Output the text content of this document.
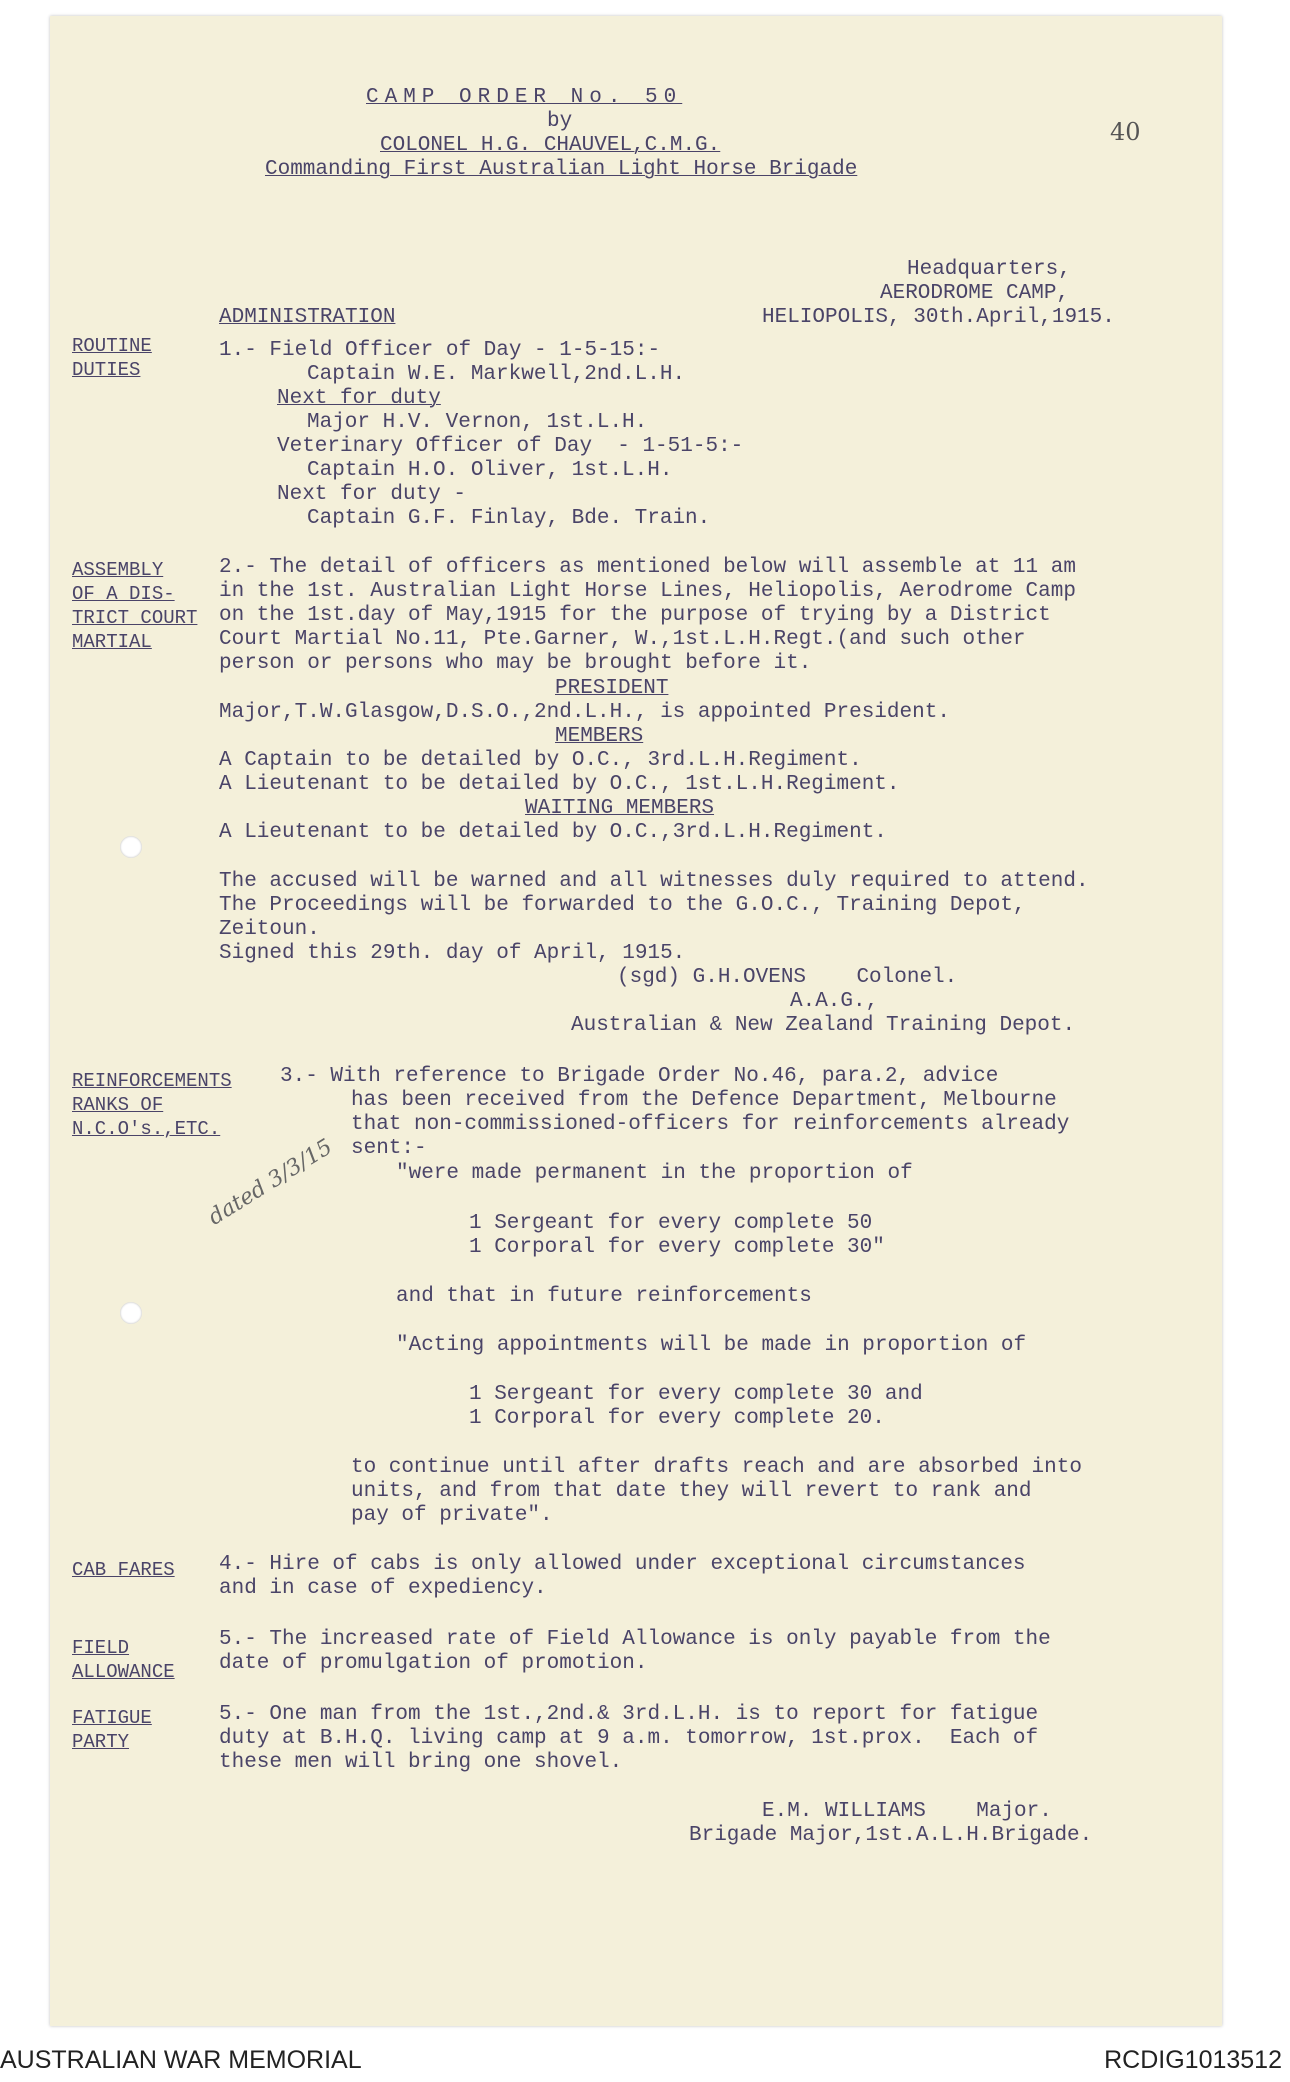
CAMP ORDER No. 50
by
COLONEL H.G. CHAUVEL,C.M.G.
Commanding First Australian Light Horse Brigade
40
Headquarters,
AERODROME CAMP,
HELIOPOLIS, 30th.April,1915.
ADMINISTRATION
ROUTINE
DUTIES
1.- Field Officer of Day - 1-5-15:-
Captain W.E. Markwell,2nd.L.H.
Next for duty
Major H.V. Vernon, 1st.L.H.
Veterinary Officer of Day  - 1-51-5:-
Captain H.O. Oliver, 1st.L.H.
Next for duty -
Captain G.F. Finlay, Bde. Train.
ASSEMBLY
OF A DIS-
TRICT COURT
MARTIAL
2.- The detail of officers as mentioned below will assemble at 11 am
in the 1st. Australian Light Horse Lines, Heliopolis, Aerodrome Camp
on the 1st.day of May,1915 for the purpose of trying by a District
Court Martial No.11, Pte.Garner, W.,1st.L.H.Regt.(and such other
person or persons who may be brought before it.
PRESIDENT
Major,T.W.Glasgow,D.S.O.,2nd.L.H., is appointed President.
MEMBERS
A Captain to be detailed by O.C., 3rd.L.H.Regiment.
A Lieutenant to be detailed by O.C., 1st.L.H.Regiment.
WAITING MEMBERS
A Lieutenant to be detailed by O.C.,3rd.L.H.Regiment.
The accused will be warned and all witnesses duly required to attend.
The Proceedings will be forwarded to the G.O.C., Training Depot,
Zeitoun.
Signed this 29th. day of April, 1915.
(sgd) G.H.OVENS    Colonel.
A.A.G.,
Australian & New Zealand Training Depot.
REINFORCEMENTS
RANKS OF
N.C.O's.,ETC.
dated 3/3/15
3.- With reference to Brigade Order No.46, para.2, advice
has been received from the Defence Department, Melbourne
that non-commissioned-officers for reinforcements already
sent:-
"were made permanent in the proportion of
1 Sergeant for every complete 50
1 Corporal for every complete 30"
and that in future reinforcements
"Acting appointments will be made in proportion of
1 Sergeant for every complete 30 and
1 Corporal for every complete 20.
to continue until after drafts reach and are absorbed into
units, and from that date they will revert to rank and
pay of private".
CAB FARES 4.- Hire of cabs is only allowed under exceptional circumstances
and in case of expediency.
FIELD
ALLOWANCE
5.- The increased rate of Field Allowance is only payable from the
date of promulgation of promotion.
FATIGUE
PARTY
5.- One man from the 1st.,2nd.& 3rd.L.H. is to report for fatigue
duty at B.H.Q. living camp at 9 a.m. tomorrow, 1st.prox.  Each of
these men will bring one shovel.
E.M. WILLIAMS    Major.
Brigade Major,1st.A.L.H.Brigade.
AUSTRALIAN WAR MEMORIAL	RCDIG1013512
